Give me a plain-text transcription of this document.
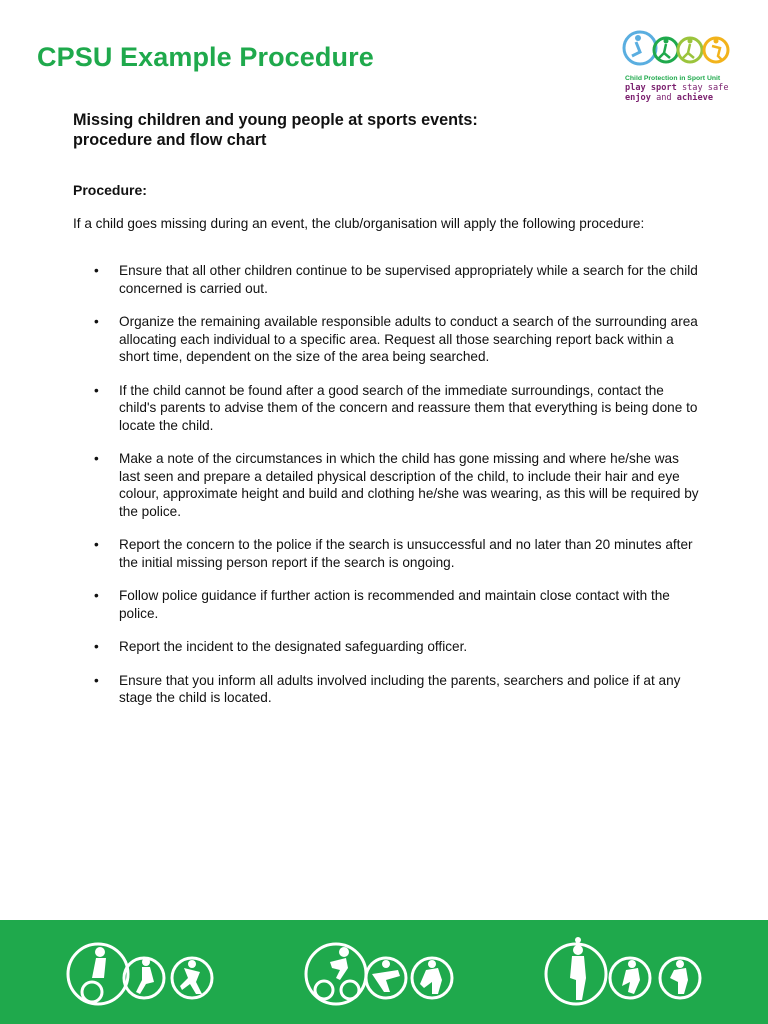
CPSU Example Procedure
Child Protection in Sport Unit
play sport stay safe
enjoy and achieve
Missing children and young people at sports events:
procedure and flow chart
Procedure:
If a child goes missing during an event, the club/organisation will apply the following procedure:
• Ensure that all other children continue to be supervised appropriately while a search for the child concerned is carried out.
• Organize the remaining available responsible adults to conduct a search of the surrounding area allocating each individual to a specific area. Request all those searching report back within a short time, dependent on the size of the area being searched.
• If the child cannot be found after a good search of the immediate surroundings, contact the child's parents to advise them of the concern and reassure them that everything is being done to locate the child.
• Make a note of the circumstances in which the child has gone missing and where he/she was last seen and prepare a detailed physical description of the child, to include their hair and eye colour, approximate height and build and clothing he/she was wearing, as this will be required by the police.
• Report the concern to the police if the search is unsuccessful and no later than 20 minutes after the initial missing person report if the search is ongoing.
• Follow police guidance if further action is recommended and maintain close contact with the police.
• Report the incident to the designated safeguarding officer.
• Ensure that you inform all adults involved including the parents, searchers and police if at any stage the child is located.
